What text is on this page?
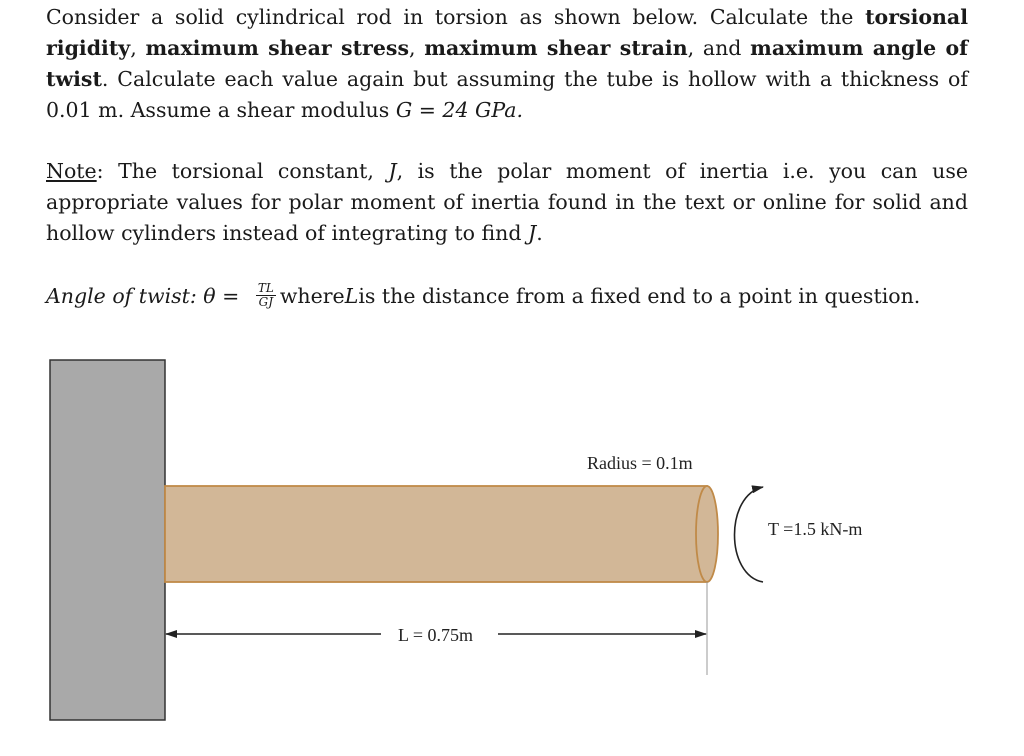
Consider a solid cylindrical rod in torsion as shown below. Calculate the torsional rigidity, maximum shear stress, maximum shear strain, and maximum angle of twist. Calculate each value again but assuming the tube is hollow with a thickness of 0.01 m. Assume a shear modulus G = 24 GPa.
Note: The torsional constant, J, is the polar moment of inertia i.e. you can use appropriate values for polar moment of inertia found in the text or online for solid and hollow cylinders instead of integrating to find J.
Angle of twist: $\theta = \frac{TL}{GJ}$ where L is the distance from a fixed end to a point in question.
Radius = 0.1m
T =1.5 kN-m
L = 0.75m
